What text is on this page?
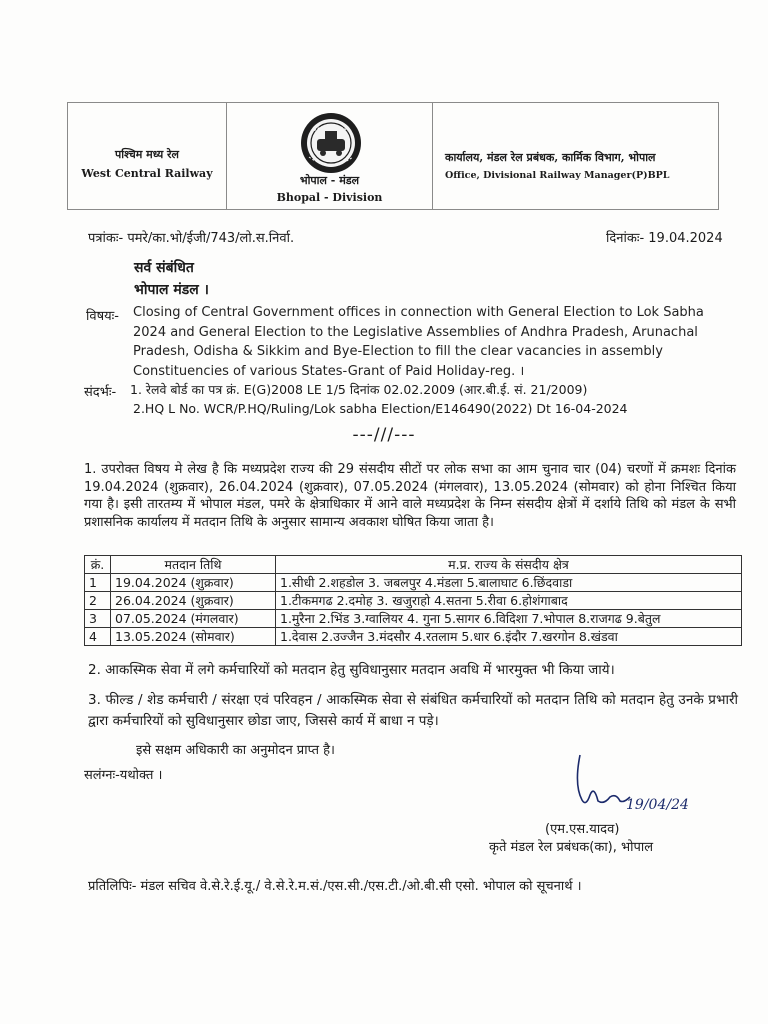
पश्चिम मध्य रेल
West Central Railway
भोपाल - मंडल
Bhopal - Division
कार्यालय, मंडल रेल प्रबंधक, कार्मिक विभाग, भोपाल
Office, Divisional Railway Manager(P)BPL
पत्रांकः- पमरे/का.भो/ईजी/743/लो.स.निर्वा.	दिनांकः- 19.04.2024
सर्व संबंधित
भोपाल मंडल ।
विषयः- Closing of Central Government offices in connection with General Election to Lok Sabha 2024 and General Election to the Legislative Assemblies of Andhra Pradesh, Arunachal Pradesh, Odisha & Sikkim and Bye-Election to fill the clear vacancies in assembly Constituencies of various States-Grant of Paid Holiday-reg. ।
संदर्भः- 1. रेलवे बोर्ड का पत्र क्रं. E(G)2008 LE 1/5 दिनांक 02.02.2009 (आर.बी.ई. सं. 21/2009)
2.HQ L No. WCR/P.HQ/Ruling/Lok sabha Election/E146490(2022) Dt 16-04-2024
---///---
1. उपरोक्त विषय मे लेख है कि मध्यप्रदेश राज्य की 29 संसदीय सीटों पर लोक सभा का आम चुनाव चार (04) चरणों में क्रमशः दिनांक 19.04.2024 (शुक्रवार), 26.04.2024 (शुक्रवार), 07.05.2024 (मंगलवार), 13.05.2024 (सोमवार) को होना निश्चित किया गया है। इसी तारतम्य में भोपाल मंडल, पमरे के क्षेत्राधिकार में आने वाले मध्यप्रदेश के निम्न संसदीय क्षेत्रों में दर्शाये तिथि को मंडल के सभी प्रशासनिक कार्यालय में मतदान तिथि के अनुसार सामान्य अवकाश घोषित किया जाता है।
क्रं.	मतदान तिथि	म.प्र. राज्य के संसदीय क्षेत्र
1	19.04.2024 (शुक्रवार)	1.सीधी 2.शहडोल 3. जबलपुर 4.मंडला 5.बालाघाट 6.छिंदवाडा
2	26.04.2024 (शुक्रवार)	1.टीकमगढ 2.दमोह 3. खजुराहो 4.सतना 5.रीवा 6.होशंगाबाद
3	07.05.2024 (मंगलवार)	1.मुरैना 2.भिंड 3.ग्वालियर 4. गुना 5.सागर 6.विदिशा 7.भोपाल 8.राजगढ 9.बेतुल
4	13.05.2024 (सोमवार)	1.देवास 2.उज्जैन 3.मंदसौर 4.रतलाम 5.धार 6.इंदौर 7.खरगोन 8.खंडवा
2. आकस्मिक सेवा में लगे कर्मचारियों को मतदान हेतु सुविधानुसार मतदान अवधि में भारमुक्त भी किया जाये।
3. फील्ड / शेड कर्मचारी / संरक्षा एवं परिवहन / आकस्मिक सेवा से संबंधित कर्मचारियों को मतदान तिथि को मतदान हेतु उनके प्रभारी द्वारा कर्मचारियों को सुविधानुसार छोडा जाए, जिससे कार्य में बाधा न पड़े।
इसे सक्षम अधिकारी का अनुमोदन प्राप्त है।
सलंग्नः-यथोक्त ।
19/04/24
(एम.एस.यादव)
कृते मंडल रेल प्रबंधक(का), भोपाल
प्रतिलिपिः- मंडल सचिव वे.से.रे.ई.यू./ वे.से.रे.म.सं./एस.सी./एस.टी./ओ.बी.सी एसो. भोपाल को सूचनार्थ ।
